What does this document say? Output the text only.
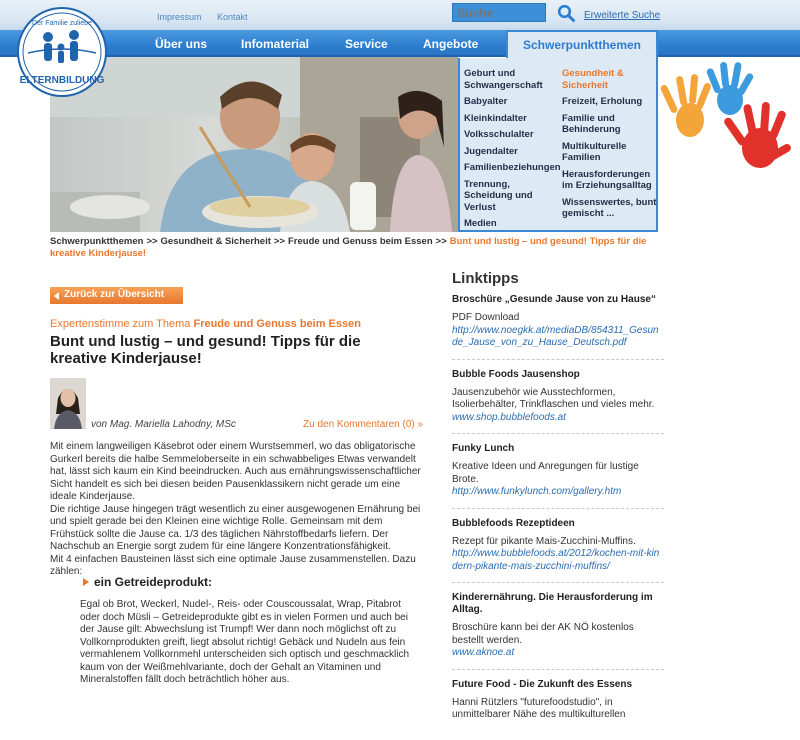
Impressum Kontakt
Suche	Erweiterte Suche
Über uns	Infomaterial	Service	Angebote	Schwerpunktthemen
ELTERNBILDUNG
Der Familie zuliebe
Geburt und Schwangerschaft
Babyalter
Kleinkindalter
Volksschulalter
Jugendalter
Familienbeziehungen
Trennung, Scheidung und Verlust
Medien
Gesundheit & Sicherheit
Freizeit, Erholung
Familie und Behinderung
Multikulturelle Familien
Herausforderungen im Erziehungsalltag
Wissenswertes, bunt gemischt ...
Schwerpunktthemen >> Gesundheit & Sicherheit >> Freude und Genuss beim Essen >> Bunt und lustig – und gesund! Tipps für die kreative Kinderjause!
Zurück zur Übersicht
Expertenstimme zum Thema Freude und Genuss beim Essen
Bunt und lustig – und gesund! Tipps für die kreative Kinderjause!
von Mag. Mariella Lahodny, MSc	Zu den Kommentaren (0) »

Mit einem langweiligen Käsebrot oder einem Wurstsemmerl, wo das obligatorische Gurkerl bereits die halbe Semmeloberseite in ein schwabbeliges Etwas verwandelt hat, lässt sich kaum ein Kind beeindrucken. Auch aus ernährungswissenschaftlicher Sicht handelt es sich bei diesen beiden Pausenklassikern nicht gerade um eine ideale Kinderjause.

Die richtige Jause hingegen trägt wesentlich zu einer ausgewogenen Ernährung bei und spielt gerade bei den Kleinen eine wichtige Rolle. Gemeinsam mit dem Frühstück sollte die Jause ca. 1/3 des täglichen Nährstoffbedarfs liefern. Der Nachschub an Energie sorgt zudem für eine längere Konzentrationsfähigkeit.

Mit 4 einfachen Bausteinen lässt sich eine optimale Jause zusammenstellen. Dazu zählen:

ein Getreideprodukt:

Egal ob Brot, Weckerl, Nudel-, Reis- oder Couscoussalat, Wrap, Pitabrot oder doch Müsli – Getreideprodukte gibt es in vielen Formen und auch bei der Jause gilt: Abwechslung ist Trumpf! Wer dann noch möglichst oft zu Vollkornprodukten greift, liegt absolut richtig! Gebäck und Nudeln aus fein vermahlenem Vollkornmehl unterscheiden sich optisch und geschmacklich kaum von der Weißmehlvariante, doch der Gehalt an Vitaminen und Mineralstoffen fällt doch beträchtlich höher aus.

Linktipps
Broschüre „Gesunde Jause von zu Hause“
PDF Download
http://www.noegkk.at/mediaDB/854311_Gesunde_Jause_von_zu_Hause_Deutsch.pdf
Bubble Foods Jausenshop
Jausenzubehör wie Ausstechformen, Isolierbehälter, Trinkflaschen und vieles mehr.
www.shop.bubblefoods.at
Funky Lunch
Kreative Ideen und Anregungen für lustige Brote.
http://www.funkylunch.com/gallery.htm
Bubblefoods Rezeptideen
Rezept für pikante Mais-Zucchini-Muffins.
http://www.bubblefoods.at/2012/kochen-mit-kindern-pikante-mais-zucchini-muffins/
Kinderernährung. Die Herausforderung im Alltag.
Broschüre kann bei der AK NÖ kostenlos bestellt werden.
www.aknoe.at
Future Food - Die Zukunft des Essens
Hanni Rützlers "futurefoodstudio", in unmittelbarer Nähe des multikulturellen
